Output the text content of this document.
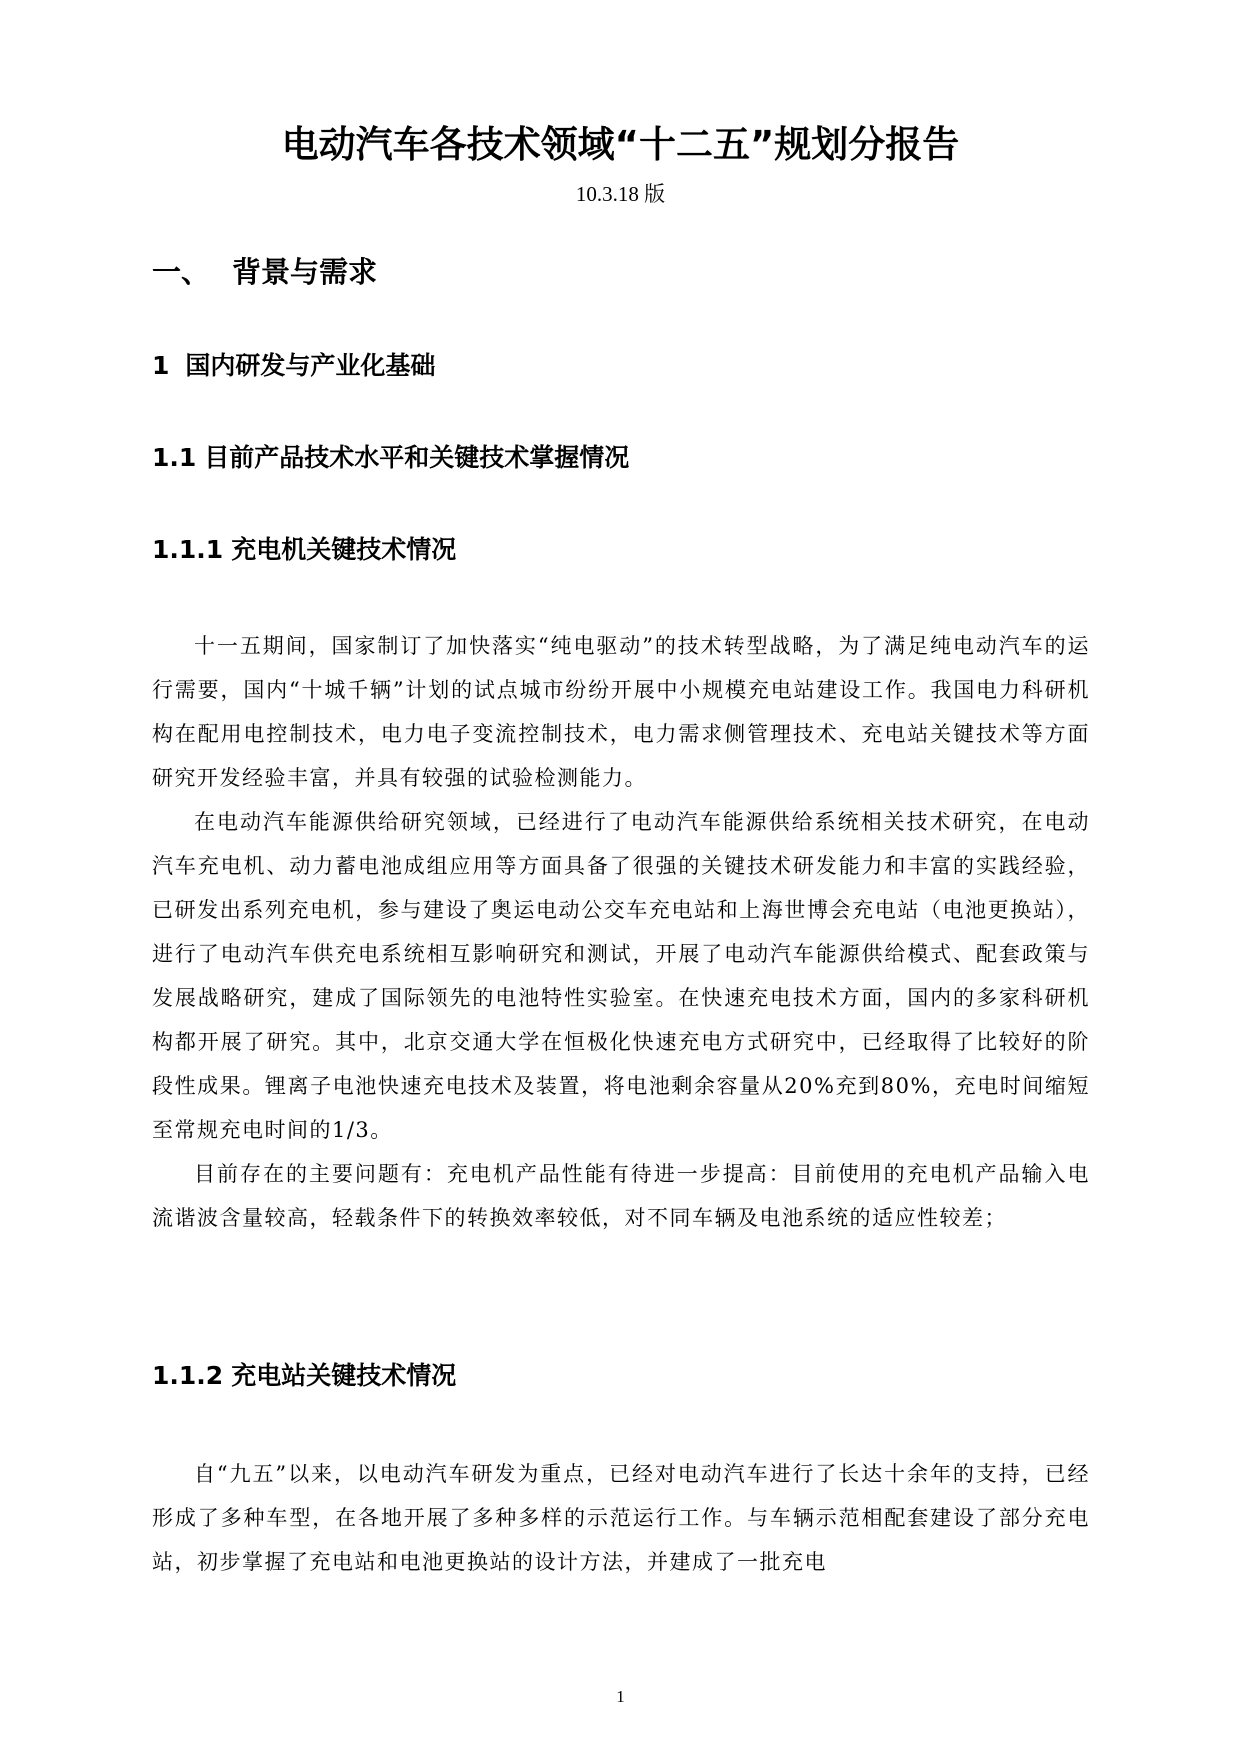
电动汽车各技术领域“十二五”规划分报告
10.3.18 版
一、 背景与需求
1 国内研发与产业化基础
1.1 目前产品技术水平和关键技术掌握情况
1.1.1 充电机关键技术情况

十一五期间，国家制订了加快落实“纯电驱动”的技术转型战略，为了满足纯电动汽车的运行需要，国内“十城千辆”计划的试点城市纷纷开展中小规模充电站建设工作。我国电力科研机构在配用电控制技术，电力电子变流控制技术，电力需求侧管理技术、充电站关键技术等方面研究开发经验丰富，并具有较强的试验检测能力。

在电动汽车能源供给研究领域，已经进行了电动汽车能源供给系统相关技术研究，在电动汽车充电机、动力蓄电池成组应用等方面具备了很强的关键技术研发能力和丰富的实践经验，已研发出系列充电机，参与建设了奥运电动公交车充电站和上海世博会充电站（电池更换站），进行了电动汽车供充电系统相互影响研究和测试，开展了电动汽车能源供给模式、配套政策与发展战略研究，建成了国际领先的电池特性实验室。在快速充电技术方面，国内的多家科研机构都开展了研究。其中，北京交通大学在恒极化快速充电方式研究中，已经取得了比较好的阶段性成果。锂离子电池快速充电技术及装置，将电池剩余容量从20%充到80%，充电时间缩短至常规充电时间的1/3。

目前存在的主要问题有：充电机产品性能有待进一步提高：目前使用的充电机产品输入电流谐波含量较高，轻载条件下的转换效率较低，对不同车辆及电池系统的适应性较差；

1.1.2 充电站关键技术情况

自“九五”以来，以电动汽车研发为重点，已经对电动汽车进行了长达十余年的支持，已经形成了多种车型，在各地开展了多种多样的示范运行工作。与车辆示范相配套建设了部分充电站，初步掌握了充电站和电池更换站的设计方法，并建成了一批充电

1
